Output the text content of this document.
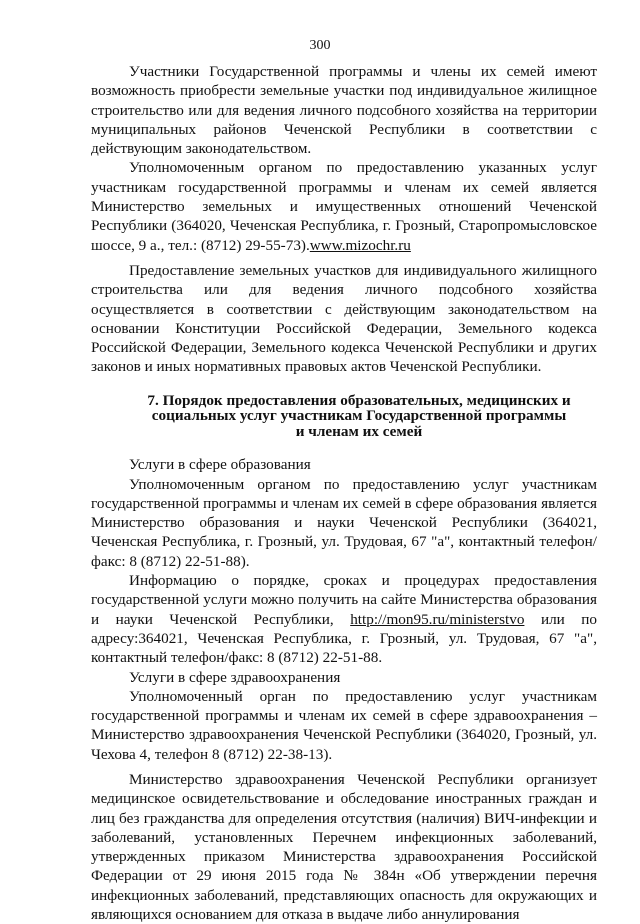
300

Участники Государственной программы и члены их семей имеют возможность приобрести земельные участки под индивидуальное жилищное строительство или для ведения личного подсобного хозяйства на территории муниципальных районов Чеченской Республики в соответствии с действующим законодательством.

Уполномоченным органом по предоставлению указанных услуг участникам государственной программы и членам их семей является Министерство земельных и имущественных отношений Чеченской Республики (364020, Чеченская Республика, г. Грозный, Старопромысловское шоссе, 9 а., тел.: (8712) 29-55-73).www.mizochr.ru

Предоставление земельных участков для индивидуального жилищного строительства или для ведения личного подсобного хозяйства осуществляется в соответствии с действующим законодательством на основании Конституции Российской Федерации, Земельного кодекса Российской Федерации, Земельного кодекса Чеченской Республики и других законов и иных нормативных правовых актов Чеченской Республики.

7. Порядок предоставления образовательных, медицинских и
социальных услуг участникам Государственной программы
и членам их семей
Услуги в сфере образования

Уполномоченным органом по предоставлению услуг участникам государственной программы и членам их семей в сфере образования является Министерство образования и науки Чеченской Республики (364021, Чеченская Республика, г. Грозный, ул. Трудовая, 67 "а", контактный телефон/факс: 8 (8712) 22-51-88).

Информацию о порядке, сроках и процедурах предоставления государственной услуги можно получить на сайте Министерства образования и науки Чеченской Республики, http://mon95.ru/ministerstvo или по адресу:364021, Чеченская Республика, г. Грозный, ул. Трудовая, 67 "а", контактный телефон/факс: 8 (8712) 22-51-88.

Услуги в сфере здравоохранения

Уполномоченный орган по предоставлению услуг участникам государственной программы и членам их семей в сфере здравоохранения – Министерство здравоохранения Чеченской Республики (364020, Грозный, ул. Чехова 4, телефон 8 (8712) 22-38-13).

Министерство здравоохранения Чеченской Республики организует медицинское освидетельствование и обследование иностранных граждан и лиц без гражданства для определения отсутствия (наличия) ВИЧ-инфекции и заболеваний, установленных Перечнем инфекционных заболеваний, утвержденных приказом Министерства здравоохранения Российской Федерации от 29 июня 2015 года № 384н «Об утверждении перечня инфекционных заболеваний, представляющих опасность для окружающих и являющихся основанием для отказа в выдаче либо аннулирования
